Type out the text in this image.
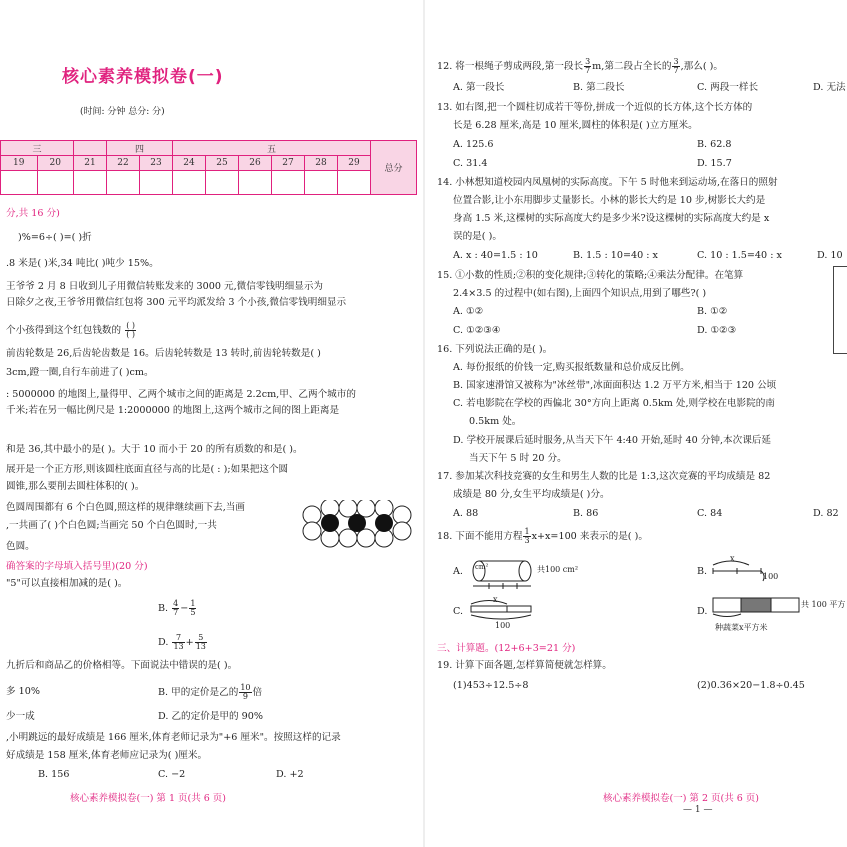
核心素养模拟卷(一)
(时间: 分钟 总分: 分)
三			四		五						总分
19	20	21	22	23	24	25	26	27	28	29	

分,共 16 分)
)%=6÷( )=( )折
.8 米是( )米,34 吨比( )吨少 15%。
王爷爷 2 月 8 日收到儿子用微信转账发来的 3000 元,微信零钱明细显示为
日除夕之夜,王爷爷用微信红包将 300 元平均派发给 3 个小孩,微信零钱明细显示
个小孩得到这个红包钱数的 $\frac{( )}{( )}$
前齿轮数是 26,后齿轮齿数是 16。后齿轮转数是 13 转时,前齿轮转数是( )
: 5000000 的地图上,量得甲、乙两个城市之间的距离是 2.2cm,甲、乙两个城市的
千米;若在另一幅比例尺是 1:2000000 的地图上,这两个城市之间的图上距离是
3cm,蹬一圈,自行车前进了( )cm。
和是 36,其中最小的是( )。大于 10 而小于 20 的所有质数的和是( )。
展开是一个正方形,则该圆柱底面直径与高的比是( : );如果把这个圆
圆锥,那么要削去圆柱体积的( )。
色圆周围都有 6 个白色圆,照这样的规律继续画下去,当画
,一共画了( )个白色圆;当画完 50 个白色圆时,一共
色圆。
确答案的字母填入括号里)(20 分)
"5"可以直接相加减的是( )。
B. $\frac{4}{7} - \frac{1}{5}$
D. $\frac{7}{13} + \frac{5}{13}$
九折后和商品乙的价格相等。下面说法中错误的是( )。
多 10%	B. 甲的定价是乙的 $\frac{10}{9}$ 倍
少一成	D. 乙的定价是甲的 90%
,小明跳远的最好成绩是 166 厘米,体育老师记录为"+6 厘米"。按照这样的记录
好成绩是 158 厘米,体育老师应记录为( )厘米。
B. 156	C. −2	D. +2
核心素养模拟卷(一) 第 1 页(共 6 页)
12. 将一根绳子剪成两段,第一段长 $\frac{3}{7} m$,第二段占全长的 $\frac{3}{7}$ ,那么( )。
A. 第一段长	B. 第二段长	C. 两段一样长	D. 无法
13. 如右图,把一个圆柱切成若干等份,拼成一个近似的长方体,这个长方体的
长是 6.28 厘米,高是 10 厘米,圆柱的体积是( )立方厘米。
A. 125.6	B. 62.8
C. 31.4	D. 15.7
14. 小林想知道校园内凤凰树的实际高度。下午 5 时他来到运动场,在落日的照射
位置合影,让小东用脚步丈量影长。小林的影长大约是 10 步,树影长大约是
身高 1.5 米,这棵树的实际高度大约是多少米?设这棵树的实际高度大约是 x
误的是( )。
A. x : 40=1.5 : 10	B. 1.5 : 10=40 : x	C. 10 : 1.5=40 : x	D. 10
15. ①小数的性质;②积的变化规律;③转化的策略;④乘法分配律。在笔算
2.4×3.5 的过程中(如右图),上面四个知识点,用到了哪些?( )
A. ①②	B. ①②
C. ①②③④	D. ①②③
16. 下列说法正确的是( )。
A. 每份报纸的价钱一定,购买报纸数量和总价成反比例。
B. 国家速滑馆又被称为"冰丝带",冰面面积达 1.2 万平方米,相当于 120 公顷
C. 若电影院在学校的西偏北 30°方向上距离 0.5km 处,则学校在电影院的南
0.5km 处。
D. 学校开展课后延时服务,从当天下午 4:40 开始,延时 40 分钟,本次课后延
当天下午 5 时 20 分。
17. 参加某次科技竞赛的女生和男生人数的比是 1:3,这次竞赛的平均成绩是 82
成绩是 80 分,女生平均成绩是( )分。
A. 88	B. 86	C. 84	D. 82
18. 下面不能用方程 $\frac{1}{3} x+x=100$ 来表示的是( )。
A. cm²	共100 cm²	B.
x
100
C.
x
100
D.
共 100 平方
种蔬菜x平方米
三、计算题。(12+6+3=21 分)
19. 计算下面各题,怎样算简便就怎样算。
(1)453÷12.5÷8	(2)0.36×20−1.8÷0.45
核心素养模拟卷(一) 第 2 页(共 6 页)
— 1 —
